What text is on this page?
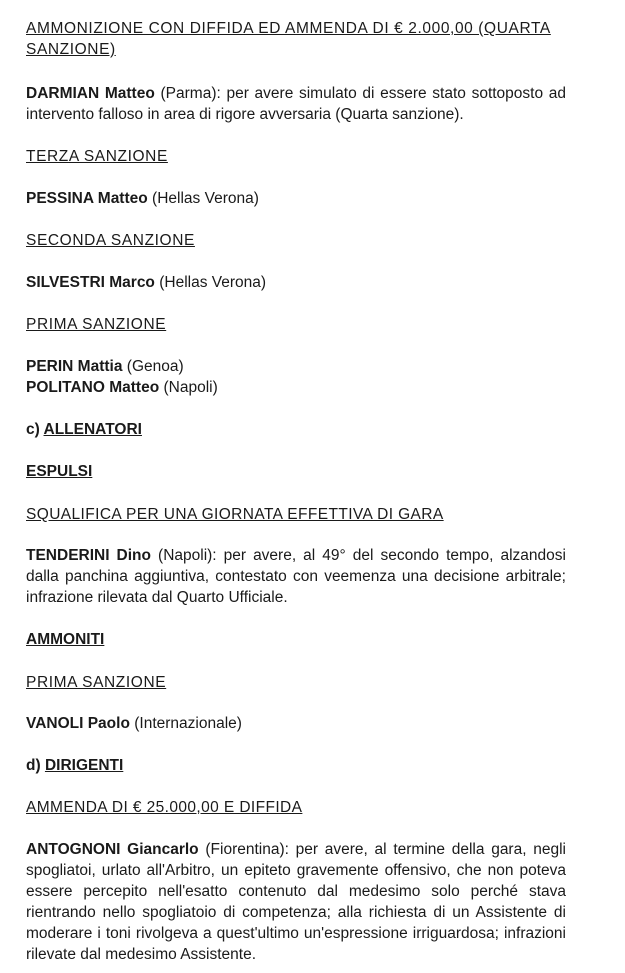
AMMONIZIONE CON DIFFIDA ED AMMENDA DI € 2.000,00 (QUARTA SANZIONE)

DARMIAN Matteo (Parma): per avere simulato di essere stato sottoposto ad intervento falloso in area di rigore avversaria (Quarta sanzione).

TERZA SANZIONE

PESSINA Matteo (Hellas Verona)

SECONDA SANZIONE

SILVESTRI Marco (Hellas Verona)

PRIMA SANZIONE

PERIN Mattia (Genoa)

POLITANO Matteo (Napoli)

c) ALLENATORI

ESPULSI

SQUALIFICA PER UNA GIORNATA EFFETTIVA DI GARA

TENDERINI Dino (Napoli): per avere, al 49° del secondo tempo, alzandosi dalla panchina aggiuntiva, contestato con veemenza una decisione arbitrale; infrazione rilevata dal Quarto Ufficiale.

AMMONITI

PRIMA SANZIONE

VANOLI Paolo (Internazionale)

d) DIRIGENTI

AMMENDA DI € 25.000,00 E DIFFIDA

ANTOGNONI Giancarlo (Fiorentina): per avere, al termine della gara, negli spogliatoi, urlato all'Arbitro, un epiteto gravemente offensivo, che non poteva essere percepito nell'esatto contenuto dal medesimo solo perché stava rientrando nello spogliatoio di competenza; alla richiesta di un Assistente di moderare i toni rivolgeva a quest'ultimo un'espressione irriguardosa; infrazioni rilevate dal medesimo Assistente.
